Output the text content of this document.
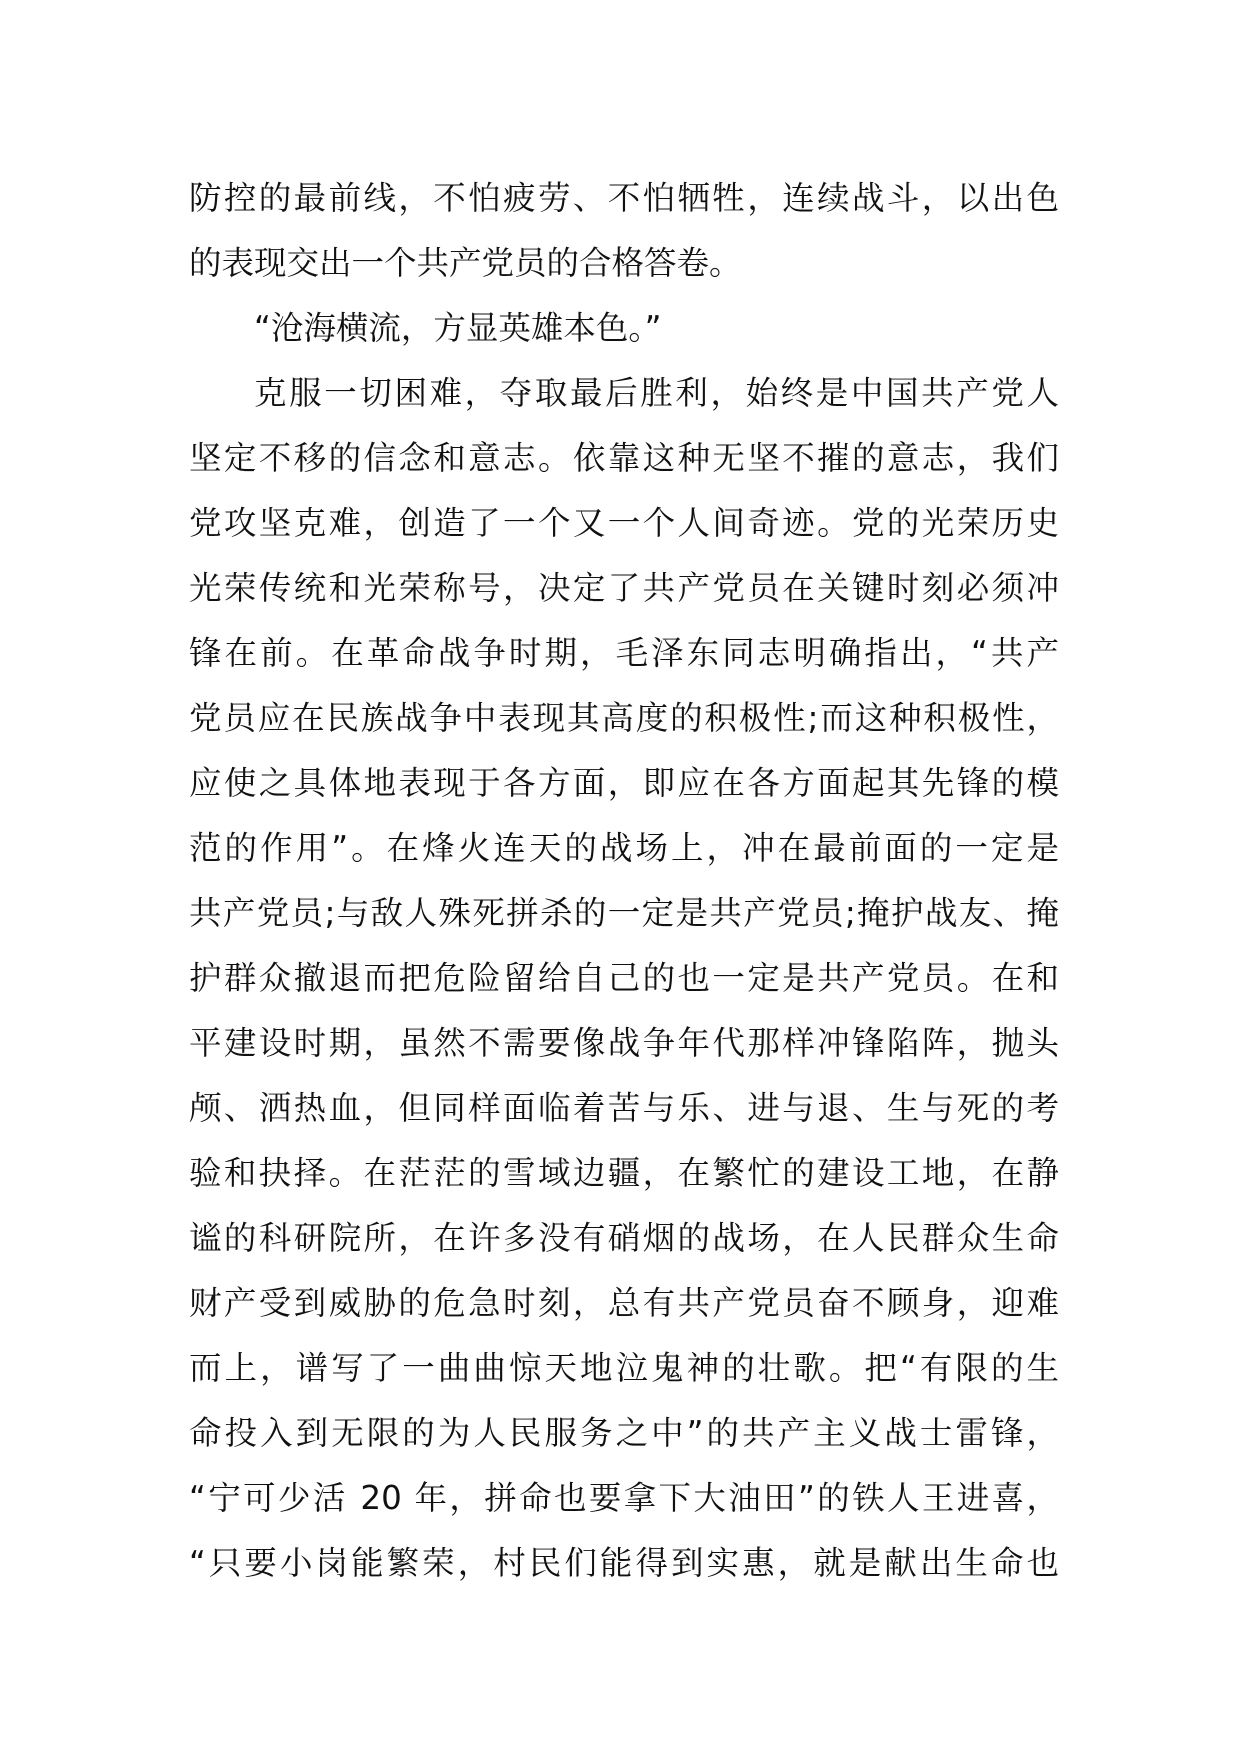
防控的最前线，不怕疲劳、不怕牺牲，连续战斗，以出色
的表现交出一个共产党员的合格答卷。
“沧海横流，方显英雄本色。”
克服一切困难，夺取最后胜利，始终是中国共产党人
坚定不移的信念和意志。依靠这种无坚不摧的意志，我们
党攻坚克难，创造了一个又一个人间奇迹。党的光荣历史
光荣传统和光荣称号，决定了共产党员在关键时刻必须冲
锋在前。在革命战争时期，毛泽东同志明确指出，“共产
党员应在民族战争中表现其高度的积极性;而这种积极性，
应使之具体地表现于各方面，即应在各方面起其先锋的模
范的作用”。在烽火连天的战场上，冲在最前面的一定是
共产党员;与敌人殊死拼杀的一定是共产党员;掩护战友、掩
护群众撤退而把危险留给自己的也一定是共产党员。在和
平建设时期，虽然不需要像战争年代那样冲锋陷阵，抛头
颅、洒热血，但同样面临着苦与乐、进与退、生与死的考
验和抉择。在茫茫的雪域边疆，在繁忙的建设工地，在静
谧的科研院所，在许多没有硝烟的战场，在人民群众生命
财产受到威胁的危急时刻，总有共产党员奋不顾身，迎难
而上，谱写了一曲曲惊天地泣鬼神的壮歌。把“有限的生
命投入到无限的为人民服务之中”的共产主义战士雷锋，
“宁可少活 20 年，拼命也要拿下大油田”的铁人王进喜，
“只要小岗能繁荣，村民们能得到实惠，就是献出生命也
